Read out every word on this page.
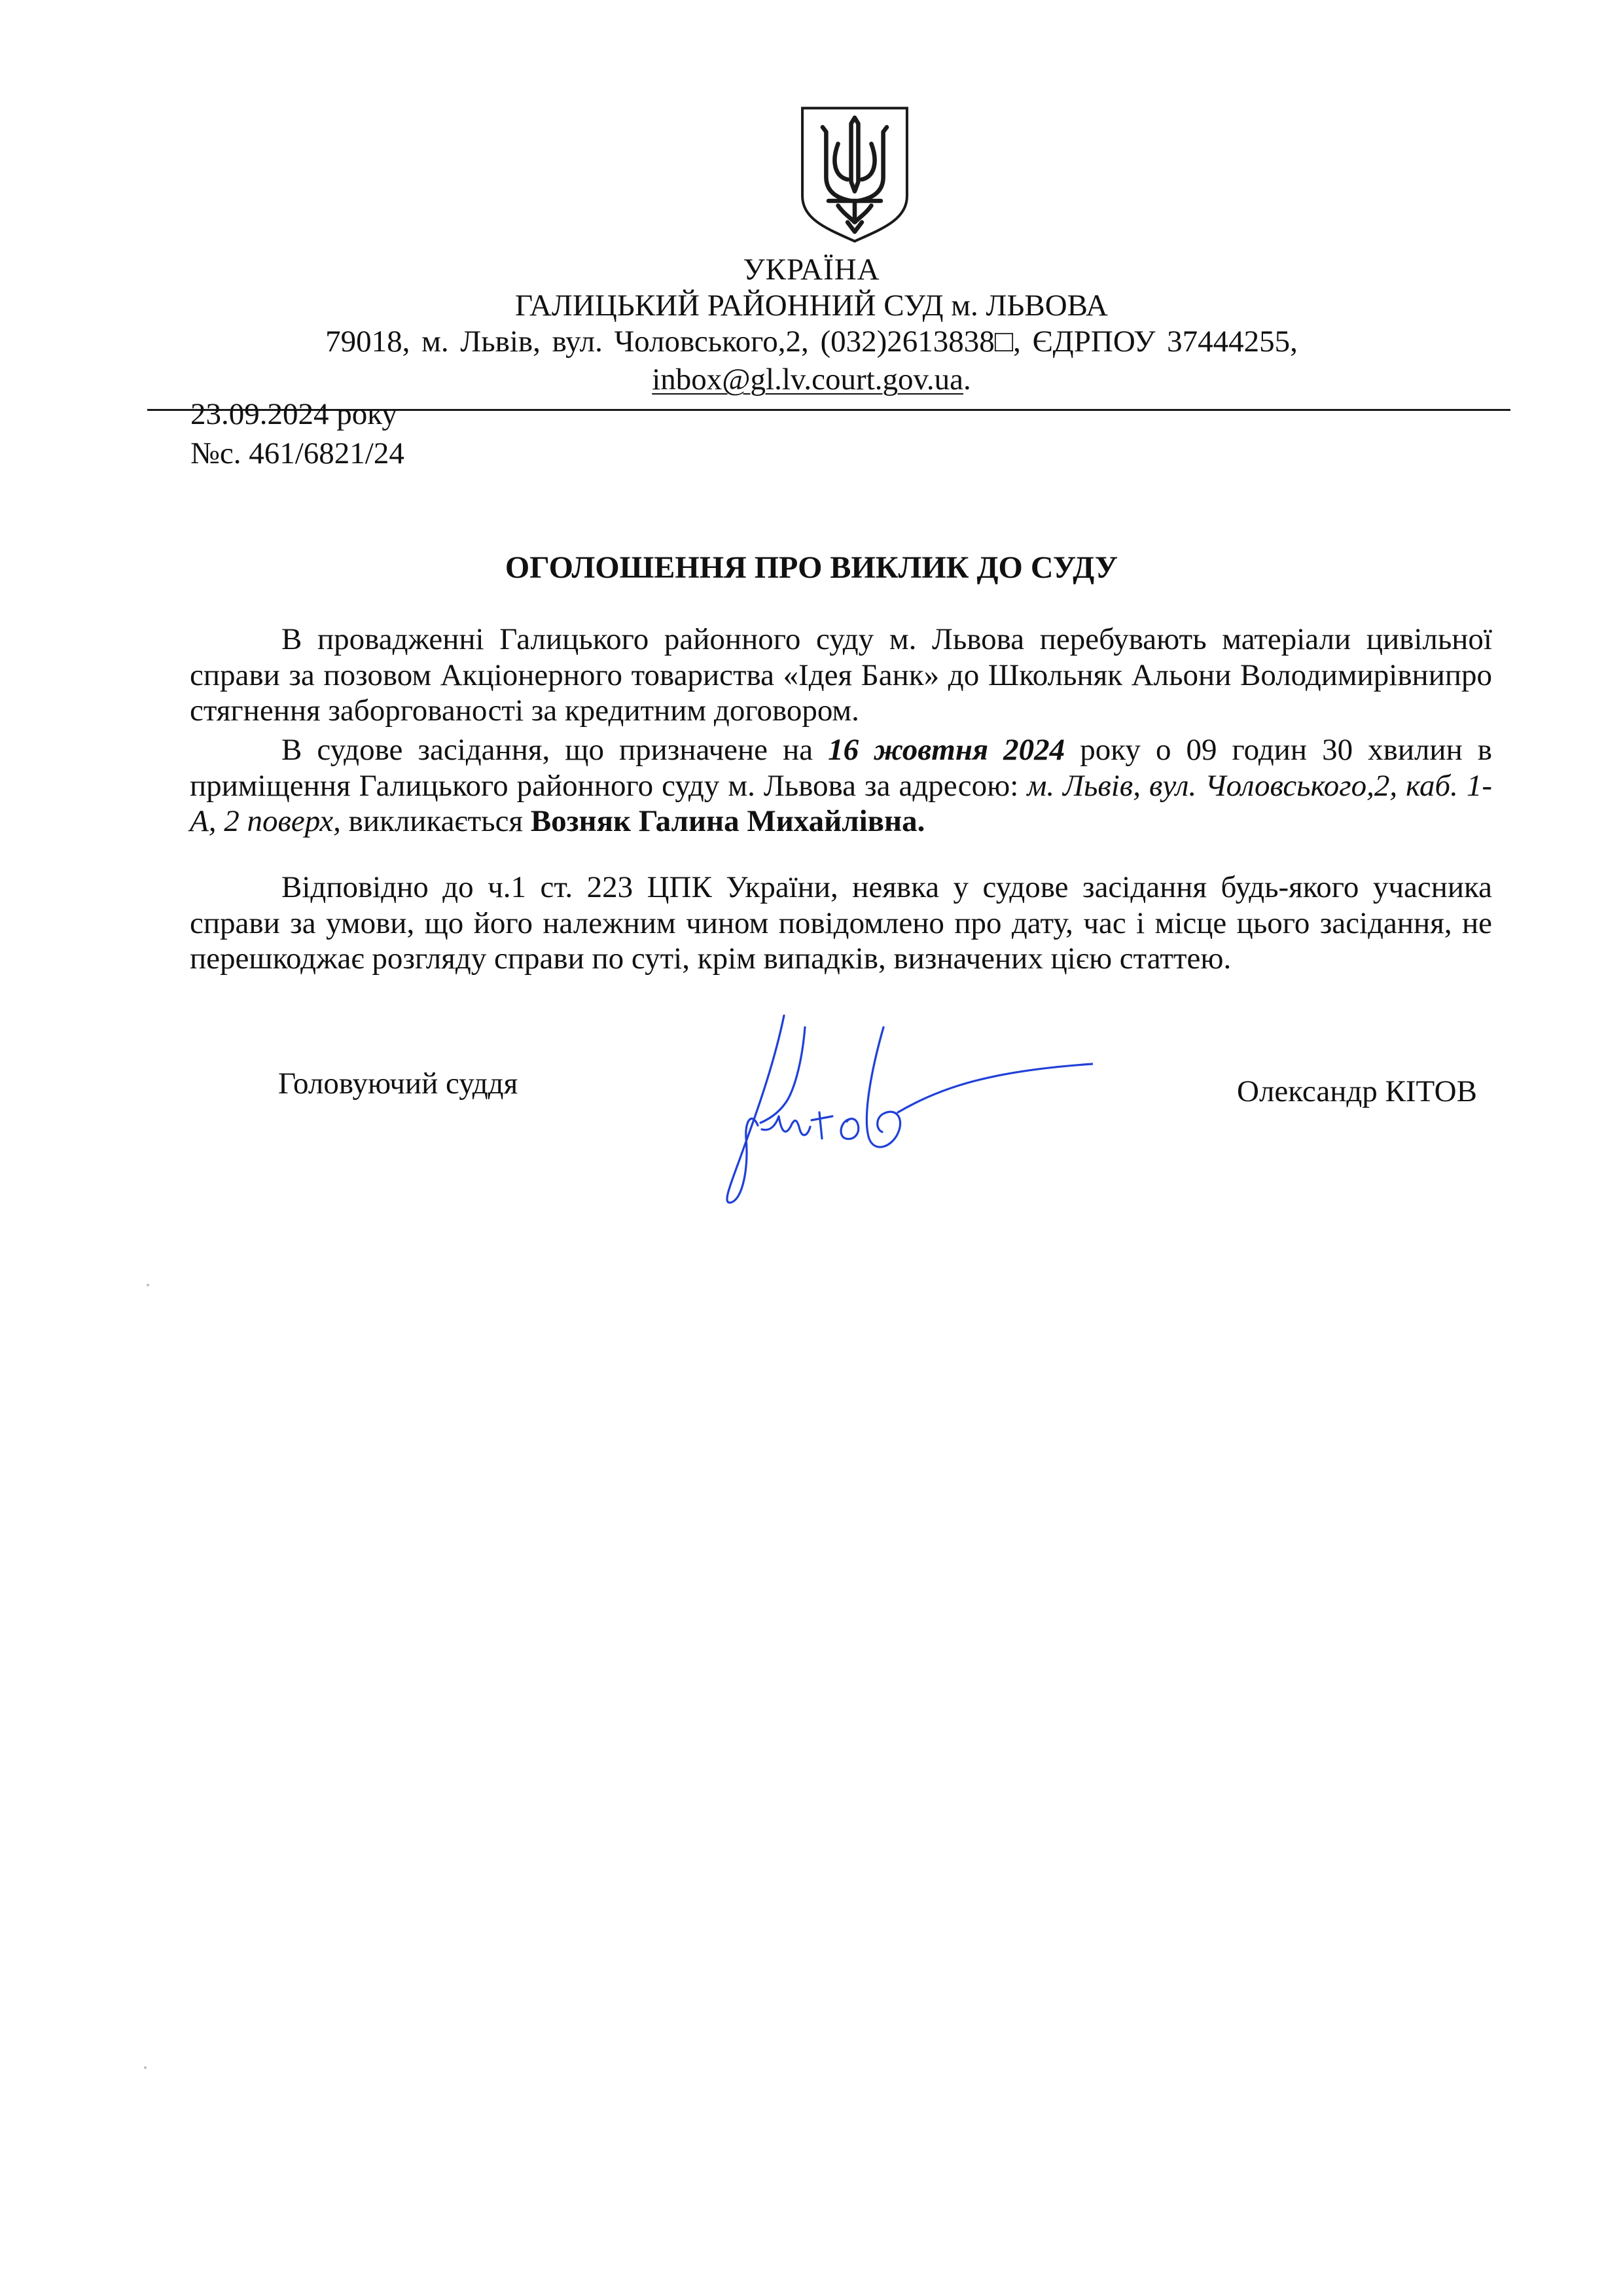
УКРАЇНА
ГАЛИЦЬКИЙ РАЙОННИЙ СУД м. ЛЬВОВА
79018, м. Львів, вул. Чоловського,2, (032)2613838□, ЄДРПОУ 37444255,
inbox@gl.lv.court.gov.ua.
23.09.2024 року
№с. 461/6821/24
ОГОЛОШЕННЯ ПРО ВИКЛИК ДО СУДУ

В провадженні Галицького районного суду м. Львова перебувають матеріали цивільної справи за позовом Акціонерного товариства «Ідея Банк» до Школьняк Альони Володимирівнипро стягнення заборгованості за кредитним договором.

В судове засідання, що призначене на 16 жовтня 2024 року о 09 годин 30 хвилин в приміщення Галицького районного суду м. Львова за адресою: м. Львів, вул. Чоловського,2, каб. 1-А, 2 поверх, викликається Возняк Галина Михайлівна.

Відповідно до ч.1 ст. 223 ЦПК України, неявка у судове засідання будь-якого учасника справи за умови, що його належним чином повідомлено про дату, час і місце цього засідання, не перешкоджає розгляду справи по суті, крім випадків, визначених цією статтею.

Головуючий суддя	Олександр КІТОВ
